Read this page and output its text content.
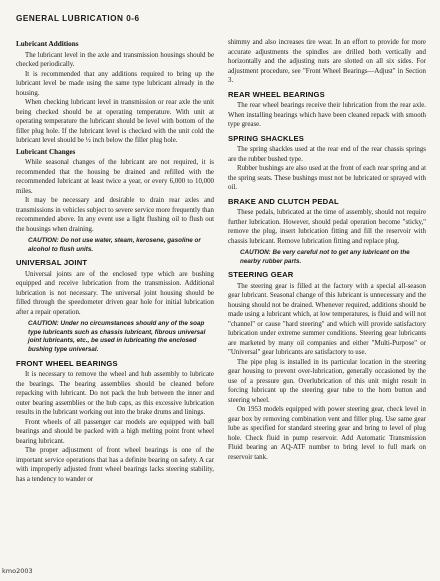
GENERAL LUBRICATION 0-6
Lubricant Additions

The lubricant level in the axle and transmission housings should be checked periodically.

It is recommended that any additions required to bring up the lubricant level be made using the same type lubricant already in the housing.

When checking lubricant level in transmission or rear axle the unit being checked should be at operating temperature. With unit at operating temperature the lubricant should be level with bottom of the filler plug hole. If the lubricant level is checked with the unit cold the lubricant level should be ½ inch below the filler plug hole.

Lubricant Changes

While seasonal changes of the lubricant are not required, it is recommended that the housing be drained and refilled with the recommended lubricant at least twice a year, or every 6,000 to 10,000 miles.

It may be necessary and desirable to drain rear axles and transmissions in vehicles subject to severe service more frequently than recommended above. In any event use a light flushing oil to flush out the housings when draining.

CAUTION: Do not use water, steam, kerosene, gasoline or alcohol to flush units.
UNIVERSAL JOINT

Universal joints are of the enclosed type which are bushing equipped and receive lubrication from the transmission. Additional lubrication is not necessary. The universal joint housing should be filled through the speedometer driven gear hole for initial lubrication after a repair operation.

CAUTION: Under no circumstances should any of the soap type lubricants such as chassis lubricant, fibrous universal joint lubricants, etc., be used in lubricating the enclosed bushing type universal.
FRONT WHEEL BEARINGS

It is necessary to remove the wheel and hub assembly to lubricate the bearings. The bearing assemblies should be cleaned before repacking with lubricant. Do not pack the hub between the inner and outer bearing assemblies or the hub caps, as this excessive lubrication results in the lubricant working out into the brake drums and linings.

Front wheels of all passenger car models are equipped with ball bearings and should be packed with a high melting point front wheel bearing lubricant.

The proper adjustment of front wheel bearings is one of the important service operations that has a definite bearing on safety. A car with improperly adjusted front wheel bearings lacks steering stability, has a tendency to wander or

shimmy and also increases tire wear. In an effort to provide for more accurate adjustments the spindles are drilled both vertically and horizontally and the adjusting nuts are slotted on all six sides. For adjustment procedure, see "Front Wheel Bearings—Adjust" in Section 3.

REAR WHEEL BEARINGS

The rear wheel bearings receive their lubrication from the rear axle. When installing bearings which have been cleaned repack with smooth type grease.

SPRING SHACKLES

The spring shackles used at the rear end of the rear chassis springs are the rubber bushed type.

Rubber bushings are also used at the front of each rear spring and at the spring seats. These bushings must not be lubricated or sprayed with oil.

BRAKE AND CLUTCH PEDAL

These pedals, lubricated at the time of assembly, should not require further lubrication. However, should pedal operation become "sticky," remove the plug, insert lubrication fitting and fill the reservoir with chassis lubricant. Remove lubrication fitting and replace plug.

CAUTION: Be very careful not to get any lubricant on the nearby rubber parts.
STEERING GEAR

The steering gear is filled at the factory with a special all-season gear lubricant. Seasonal change of this lubricant is unnecessary and the housing should not be drained. Whenever required, additions should be made using a lubricant which, at low temperatures, is fluid and will not "channel" or cause "hard steering" and which will provide satisfactory lubrication under extreme summer conditions. Steering gear lubricants are marketed by many oil companies and either "Multi-Purpose" or "Universal" gear lubricants are satisfactory to use.

The pipe plug is installed in its particular location in the steering gear housing to prevent over-lubrication, generally occasioned by the use of a pressure gun. Overlubrication of this unit might result in forcing lubricant up the steering gear tube to the horn button and steering wheel.

On 1953 models equipped with power steering gear, check level in gear box by removing combination vent and filler plug. Use same gear lube as specified for standard steering gear and bring to level of plug hole. Check fluid in pump reservoir. Add Automatic Transmission Fluid bearing an AQ-ATF number to bring level to full mark on reservoir tank.

kmo2003
